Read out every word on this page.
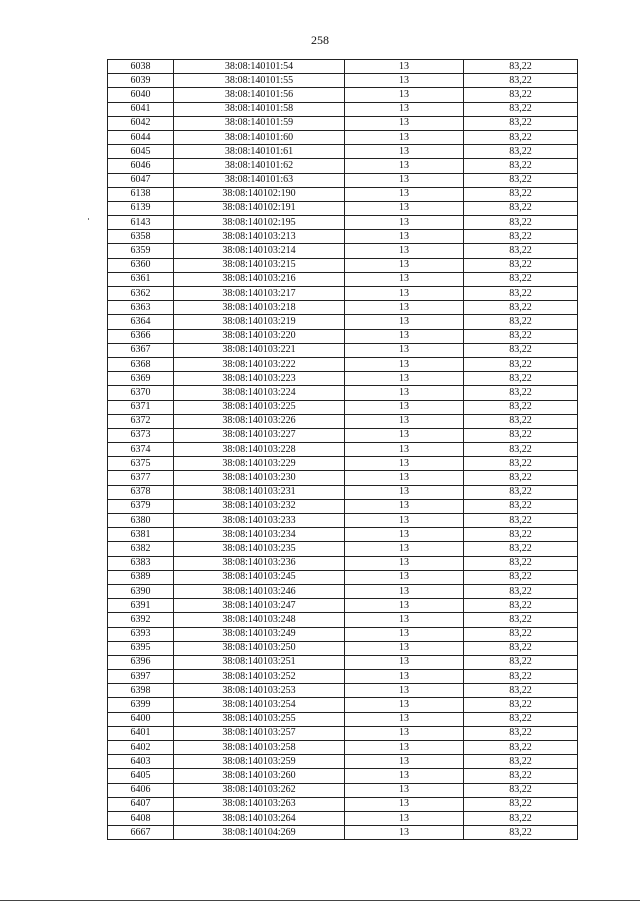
258
6038	38:08:140101:54	13	83,22
6039	38:08:140101:55	13	83,22
6040	38:08:140101:56	13	83,22
6041	38:08:140101:58	13	83,22
6042	38:08:140101:59	13	83,22
6044	38:08:140101:60	13	83,22
6045	38:08:140101:61	13	83,22
6046	38:08:140101:62	13	83,22
6047	38:08:140101:63	13	83,22
6138	38:08:140102:190	13	83,22
6139	38:08:140102:191	13	83,22
6143	38:08:140102:195	13	83,22
6358	38:08:140103:213	13	83,22
6359	38:08:140103:214	13	83,22
6360	38:08:140103:215	13	83,22
6361	38:08:140103:216	13	83,22
6362	38:08:140103:217	13	83,22
6363	38:08:140103:218	13	83,22
6364	38:08:140103:219	13	83,22
6366	38:08:140103:220	13	83,22
6367	38:08:140103:221	13	83,22
6368	38:08:140103:222	13	83,22
6369	38:08:140103:223	13	83,22
6370	38:08:140103:224	13	83,22
6371	38:08:140103:225	13	83,22
6372	38:08:140103:226	13	83,22
6373	38:08:140103:227	13	83,22
6374	38:08:140103:228	13	83,22
6375	38:08:140103:229	13	83,22
6377	38:08:140103:230	13	83,22
6378	38:08:140103:231	13	83,22
6379	38:08:140103:232	13	83,22
6380	38:08:140103:233	13	83,22
6381	38:08:140103:234	13	83,22
6382	38:08:140103:235	13	83,22
6383	38:08:140103:236	13	83,22
6389	38:08:140103:245	13	83,22
6390	38:08:140103:246	13	83,22
6391	38:08:140103:247	13	83,22
6392	38:08:140103:248	13	83,22
6393	38:08:140103:249	13	83,22
6395	38:08:140103:250	13	83,22
6396	38:08:140103:251	13	83,22
6397	38:08:140103:252	13	83,22
6398	38:08:140103:253	13	83,22
6399	38:08:140103:254	13	83,22
6400	38:08:140103:255	13	83,22
6401	38:08:140103:257	13	83,22
6402	38:08:140103:258	13	83,22
6403	38:08:140103:259	13	83,22
6405	38:08:140103:260	13	83,22
6406	38:08:140103:262	13	83,22
6407	38:08:140103:263	13	83,22
6408	38:08:140103:264	13	83,22
6667	38:08:140104:269	13	83,22
